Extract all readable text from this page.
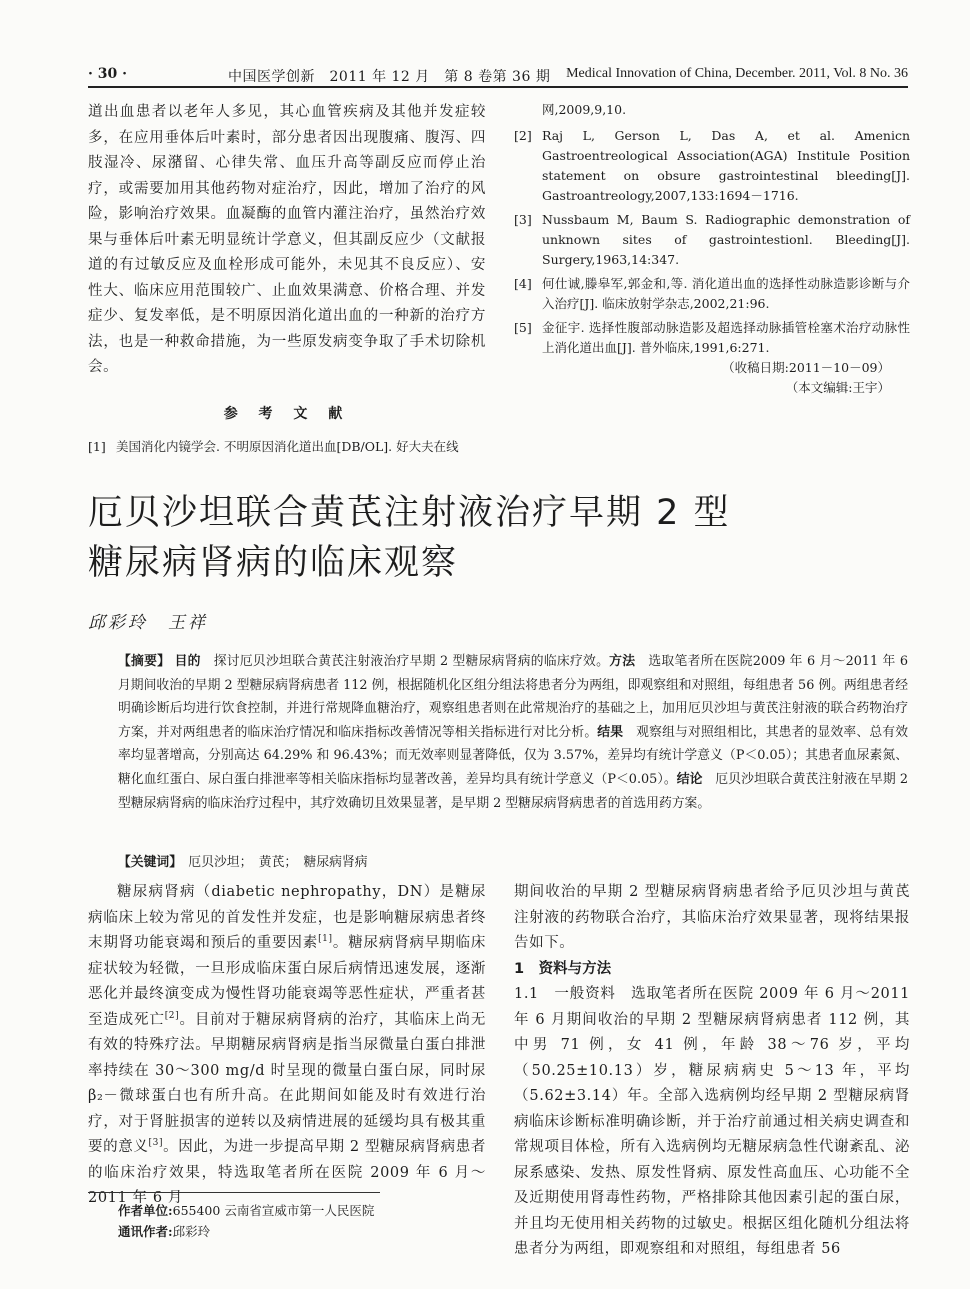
· 30 ·	中国医学创新　2011 年 12 月　第 8 卷第 36 期 Medical Innovation of China, December. 2011, Vol. 8 No. 36

道出血患者以老年人多见，其心血管疾病及其他并发症较多，在应用垂体后叶素时，部分患者因出现腹痛、腹泻、四肢湿冷、尿潴留、心律失常、血压升高等副反应而停止治疗，或需要加用其他药物对症治疗，因此，增加了治疗的风险，影响治疗效果。血凝酶的血管内灌注治疗，虽然治疗效果与垂体后叶素无明显统计学意义，但其副反应少（文献报道的有过敏反应及血栓形成可能外，未见其不良反应）、安性大、临床应用范围较广、止血效果满意、价格合理、并发症少、复发率低，是不明原因消化道出血的一种新的治疗方法，也是一种救命措施，为一些原发病变争取了手术切除机会。

参 考 文 献
[1] 美国消化内镜学会. 不明原因消化道出血[DB/OL]. 好大夫在线
网,2009,9,10.
[2] Raj L, Gerson L, Das A, et al. Amenicn Gastroentreological Association(AGA) Institule Position statement on obsure gastrointestinal bleeding[J]. Gastroantreology,2007,133:1694－1716.
[3] Nussbaum M, Baum S. Radiographic demonstration of unknown sites of gastrointestionl. Bleeding[J]. Surgery,1963,14:347.
[4] 何仕诚,滕皋军,郭金和,等. 消化道出血的选择性动脉造影诊断与介入治疗[J]. 临床放射学杂志,2002,21:96.
[5] 金征宇. 选择性腹部动脉造影及超选择动脉插管栓塞术治疗动脉性上消化道出血[J]. 普外临床,1991,6:271.
（收稿日期:2011－10－09）
（本文编辑:王宇）
厄贝沙坦联合黄芪注射液治疗早期 2 型
糖尿病肾病的临床观察
邱彩玲　王祥
【摘要】 目的　 探讨厄贝沙坦联合黄芪注射液治疗早期 2 型糖尿病肾病的临床疗效。方法　 选取笔者所在医院2009 年 6 月～2011 年 6 月期间收治的早期 2 型糖尿病肾病患者 112 例，根据随机化区组分组法将患者分为两组，即观察组和对照组，每组患者 56 例。两组患者经明确诊断后均进行饮食控制，并进行常规降血糖治疗，观察组患者则在此常规治疗的基础之上，加用厄贝沙坦与黄芪注射液的联合药物治疗方案，并对两组患者的临床治疗情况和临床指标改善情况等相关指标进行对比分析。结果　 观察组与对照组相比，其患者的显效率、总有效率均显著增高，分别高达 64.29% 和 96.43%；而无效率则显著降低，仅为 3.57%，差异均有统计学意义（P＜0.05）；其患者血尿素氮、糖化血红蛋白、尿白蛋白排泄率等相关临床指标均显著改善，差异均具有统计学意义（P＜0.05）。结论　 厄贝沙坦联合黄芪注射液在早期 2 型糖尿病肾病的临床治疗过程中，其疗效确切且效果显著，是早期 2 型糖尿病肾病患者的首选用药方案。
【关键词】　 厄贝沙坦；　黄芪；　糖尿病肾病

糖尿病肾病（diabetic nephropathy，DN）是糖尿病临床上较为常见的首发性并发症，也是影响糖尿病患者终末期肾功能衰竭和预后的重要因素[1]。糖尿病肾病早期临床症状较为轻微，一旦形成临床蛋白尿后病情迅速发展，逐渐恶化并最终演变成为慢性肾功能衰竭等恶性症状，严重者甚至造成死亡[2]。目前对于糖尿病肾病的治疗，其临床上尚无有效的特殊疗法。早期糖尿病肾病是指当尿微量白蛋白排泄率持续在 30～300 mg/d 时呈现的微量白蛋白尿，同时尿 β₂－微球蛋白也有所升高。在此期间如能及时有效进行治疗，对于肾脏损害的逆转以及病情进展的延缓均具有极其重要的意义[3]。因此，为进一步提高早期 2 型糖尿病肾病患者的临床治疗效果，特选取笔者所在医院 2009 年 6 月～2011 年 6 月

期间收治的早期 2 型糖尿病肾病患者给予厄贝沙坦与黄芪注射液的药物联合治疗，其临床治疗效果显著，现将结果报告如下。

1　资料与方法

1.1　一般资料　选取笔者所在医院 2009 年 6 月～2011 年 6 月期间收治的早期 2 型糖尿病肾病患者 112 例，其中男 71 例，女 41 例，年龄 38～76 岁，平均（50.25±10.13）岁，糖尿病病史 5～13 年，平均（5.62±3.14）年。全部入选病例均经早期 2 型糖尿病肾病临床诊断标准明确诊断，并于治疗前通过相关病史调查和常规项目体检，所有入选病例均无糖尿病急性代谢紊乱、泌尿系感染、发热、原发性肾病、原发性高血压、心功能不全及近期使用肾毒性药物，严格排除其他因素引起的蛋白尿，并且均无使用相关药物的过敏史。根据区组化随机分组法将患者分为两组，即观察组和对照组，每组患者 56

作者单位:655400 云南省宣威市第一人民医院
通讯作者:邱彩玲
